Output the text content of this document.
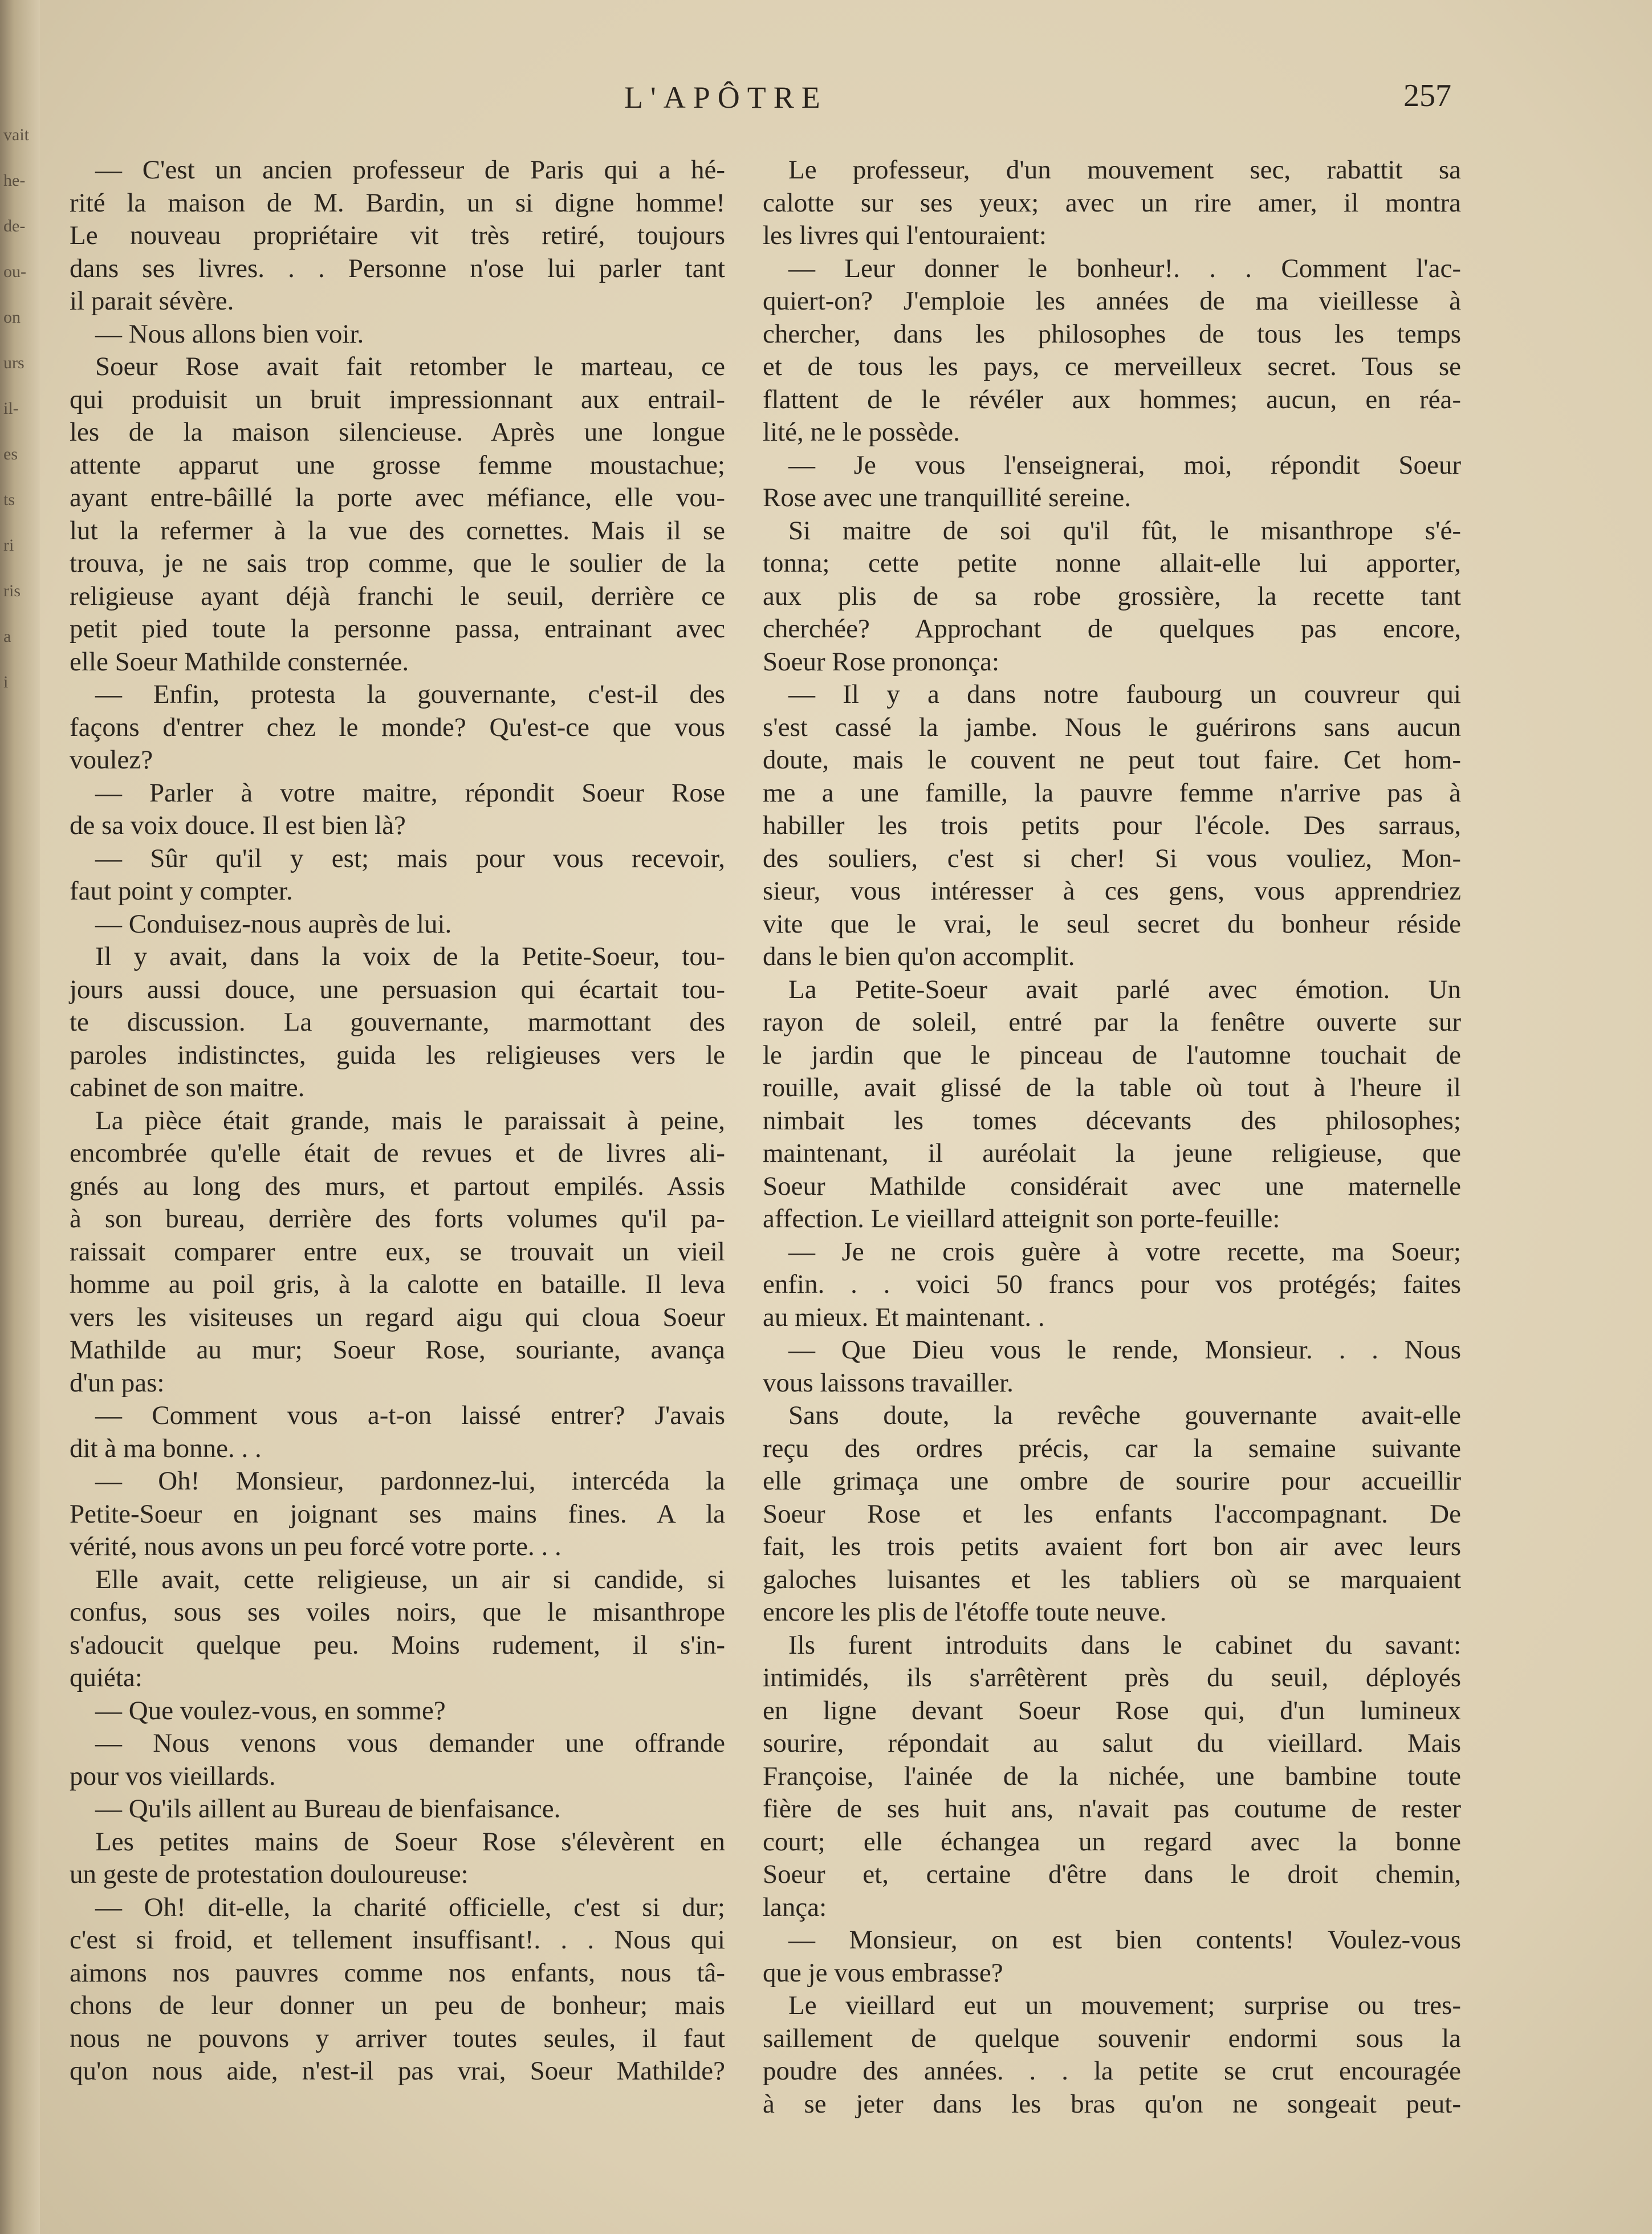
vait
he-
de-
ou-
on
urs
il-
es
ts
ri
ris
a
i
L'APÔTRE	257
— C'est un ancien professeur de Paris qui a hé-
rité la maison de M. Bardin, un si digne homme!
Le nouveau propriétaire vit très retiré, toujours
dans ses livres. . . Personne n'ose lui parler tant
il parait sévère.
— Nous allons bien voir.
Soeur Rose avait fait retomber le marteau, ce
qui produisit un bruit impressionnant aux entrail-
les de la maison silencieuse. Après une longue
attente apparut une grosse femme moustachue;
ayant entre-bâillé la porte avec méfiance, elle vou-
lut la refermer à la vue des cornettes. Mais il se
trouva, je ne sais trop comme, que le soulier de la
religieuse ayant déjà franchi le seuil, derrière ce
petit pied toute la personne passa, entrainant avec
elle Soeur Mathilde consternée.
— Enfin, protesta la gouvernante, c'est-il des
façons d'entrer chez le monde? Qu'est-ce que vous
voulez?
— Parler à votre maitre, répondit Soeur Rose
de sa voix douce. Il est bien là?
— Sûr qu'il y est; mais pour vous recevoir,
faut point y compter.
— Conduisez-nous auprès de lui.
Il y avait, dans la voix de la Petite-Soeur, tou-
jours aussi douce, une persuasion qui écartait tou-
te discussion. La gouvernante, marmottant des
paroles indistinctes, guida les religieuses vers le
cabinet de son maitre.
La pièce était grande, mais le paraissait à peine,
encombrée qu'elle était de revues et de livres ali-
gnés au long des murs, et partout empilés. Assis
à son bureau, derrière des forts volumes qu'il pa-
raissait comparer entre eux, se trouvait un vieil
homme au poil gris, à la calotte en bataille. Il leva
vers les visiteuses un regard aigu qui cloua Soeur
Mathilde au mur; Soeur Rose, souriante, avança
d'un pas:
— Comment vous a-t-on laissé entrer? J'avais
dit à ma bonne. . .
— Oh! Monsieur, pardonnez-lui, intercéda la
Petite-Soeur en joignant ses mains fines. A la
vérité, nous avons un peu forcé votre porte. . .
Elle avait, cette religieuse, un air si candide, si
confus, sous ses voiles noirs, que le misanthrope
s'adoucit quelque peu. Moins rudement, il s'in-
quiéta:
— Que voulez-vous, en somme?
— Nous venons vous demander une offrande
pour vos vieillards.
— Qu'ils aillent au Bureau de bienfaisance.
Les petites mains de Soeur Rose s'élevèrent en
un geste de protestation douloureuse:
— Oh! dit-elle, la charité officielle, c'est si dur;
c'est si froid, et tellement insuffisant!. . . Nous qui
aimons nos pauvres comme nos enfants, nous tâ-
chons de leur donner un peu de bonheur; mais
nous ne pouvons y arriver toutes seules, il faut
qu'on nous aide, n'est-il pas vrai, Soeur Mathilde?
Le professeur, d'un mouvement sec, rabattit sa
calotte sur ses yeux; avec un rire amer, il montra
les livres qui l'entouraient:
— Leur donner le bonheur!. . . Comment l'ac-
quiert-on? J'emploie les années de ma vieillesse à
chercher, dans les philosophes de tous les temps
et de tous les pays, ce merveilleux secret. Tous se
flattent de le révéler aux hommes; aucun, en réa-
lité, ne le possède.
— Je vous l'enseignerai, moi, répondit Soeur
Rose avec une tranquillité sereine.
Si maitre de soi qu'il fût, le misanthrope s'é-
tonna; cette petite nonne allait-elle lui apporter,
aux plis de sa robe grossière, la recette tant
cherchée? Approchant de quelques pas encore,
Soeur Rose prononça:
— Il y a dans notre faubourg un couvreur qui
s'est cassé la jambe. Nous le guérirons sans aucun
doute, mais le couvent ne peut tout faire. Cet hom-
me a une famille, la pauvre femme n'arrive pas à
habiller les trois petits pour l'école. Des sarraus,
des souliers, c'est si cher! Si vous vouliez, Mon-
sieur, vous intéresser à ces gens, vous apprendriez
vite que le vrai, le seul secret du bonheur réside
dans le bien qu'on accomplit.
La Petite-Soeur avait parlé avec émotion. Un
rayon de soleil, entré par la fenêtre ouverte sur
le jardin que le pinceau de l'automne touchait de
rouille, avait glissé de la table où tout à l'heure il
nimbait les tomes décevants des philosophes;
maintenant, il auréolait la jeune religieuse, que
Soeur Mathilde considérait avec une maternelle
affection. Le vieillard atteignit son porte-feuille:
— Je ne crois guère à votre recette, ma Soeur;
enfin. . . voici 50 francs pour vos protégés; faites
au mieux. Et maintenant. .
— Que Dieu vous le rende, Monsieur. . . Nous
vous laissons travailler.
Sans doute, la revêche gouvernante avait-elle
reçu des ordres précis, car la semaine suivante
elle grimaça une ombre de sourire pour accueillir
Soeur Rose et les enfants l'accompagnant. De
fait, les trois petits avaient fort bon air avec leurs
galoches luisantes et les tabliers où se marquaient
encore les plis de l'étoffe toute neuve.
Ils furent introduits dans le cabinet du savant:
intimidés, ils s'arrêtèrent près du seuil, déployés
en ligne devant Soeur Rose qui, d'un lumineux
sourire, répondait au salut du vieillard. Mais
Françoise, l'ainée de la nichée, une bambine toute
fière de ses huit ans, n'avait pas coutume de rester
court; elle échangea un regard avec la bonne
Soeur et, certaine d'être dans le droit chemin,
lança:
— Monsieur, on est bien contents! Voulez-vous
que je vous embrasse?
Le vieillard eut un mouvement; surprise ou tres-
saillement de quelque souvenir endormi sous la
poudre des années. . . la petite se crut encouragée
à se jeter dans les bras qu'on ne songeait peut-
